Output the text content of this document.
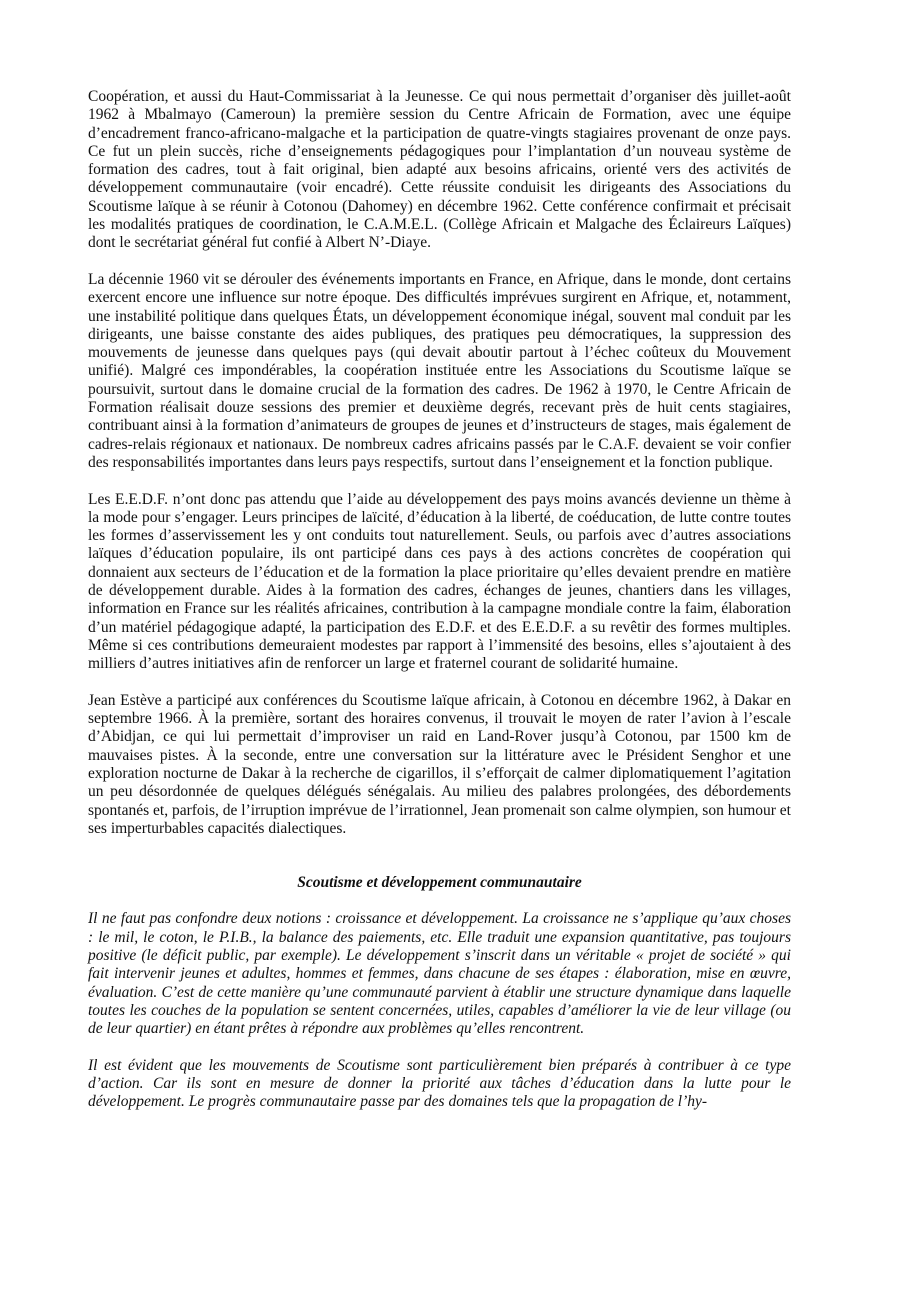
Coopération, et aussi du Haut-Commissariat à la Jeunesse. Ce qui nous permettait d’organiser dès juillet-août 1962 à Mbalmayo (Cameroun) la première session du Centre Africain de Formation, avec une équipe d’encadrement franco-africano-malgache et la participation de quatre-vingts stagiaires provenant de onze pays. Ce fut un plein succès, riche d’enseignements pédagogiques pour l’implantation d’un nouveau système de formation des cadres, tout à fait original, bien adapté aux besoins africains, orienté vers des activités de développement communautaire (voir encadré). Cette réussite conduisit les dirigeants des Associations du Scoutisme laïque à se réunir à Cotonou (Dahomey) en décembre 1962. Cette conférence confirmait et précisait les modalités pratiques de coordination, le C.A.M.E.L. (Collège Africain et Malgache des Éclaireurs Laïques) dont le secrétariat général fut confié à Albert N’-Diaye.

La décennie 1960 vit se dérouler des événements importants en France, en Afrique, dans le monde, dont certains exercent encore une influence sur notre époque. Des difficultés imprévues surgirent en Afrique, et, notamment, une instabilité politique dans quelques États, un développement économique inégal, souvent mal conduit par les dirigeants, une baisse constante des aides publiques, des pratiques peu démocratiques, la suppression des mouvements de jeunesse dans quelques pays (qui devait aboutir partout à l’échec coûteux du Mouvement unifié). Malgré ces impondérables, la coopération instituée entre les Associations du Scoutisme laïque se poursuivit, surtout dans le domaine crucial de la formation des cadres. De 1962 à 1970, le Centre Africain de Formation réalisait douze sessions des premier et deuxième degrés, recevant près de huit cents stagiaires, contribuant ainsi à la formation d’animateurs de groupes de jeunes et d’instructeurs de stages, mais également de cadres-relais régionaux et nationaux. De nombreux cadres africains passés par le C.A.F. devaient se voir confier des responsabilités importantes dans leurs pays respectifs, surtout dans l’enseignement et la fonction publique.

Les E.E.D.F. n’ont donc pas attendu que l’aide au développement des pays moins avancés devienne un thème à la mode pour s’engager. Leurs principes de laïcité, d’éducation à la liberté, de coéducation, de lutte contre toutes les formes d’asservissement les y ont conduits tout naturellement. Seuls, ou parfois avec d’autres associations laïques d’éducation populaire, ils ont participé dans ces pays à des actions concrètes de coopération qui donnaient aux secteurs de l’éducation et de la formation la place prioritaire qu’elles devaient prendre en matière de développement durable. Aides à la formation des cadres, échanges de jeunes, chantiers dans les villages, information en France sur les réalités africaines, contribution à la campagne mondiale contre la faim, élaboration d’un matériel pédagogique adapté, la participation des E.D.F. et des E.E.D.F. a su revêtir des formes multiples. Même si ces contributions demeuraient modestes par rapport à l’immensité des besoins, elles s’ajoutaient à des milliers d’autres initiatives afin de renforcer un large et fraternel courant de solidarité humaine.

Jean Estève a participé aux conférences du Scoutisme laïque africain, à Cotonou en décembre 1962, à Dakar en septembre 1966. À la première, sortant des horaires convenus, il trouvait le moyen de rater l’avion à l’escale d’Abidjan, ce qui lui permettait d’improviser un raid en Land-Rover jusqu’à Cotonou, par 1500 km de mauvaises pistes. À la seconde, entre une conversation sur la littérature avec le Président Senghor et une exploration nocturne de Dakar à la recherche de cigarillos, il s’efforçait de calmer diplomatiquement l’agitation un peu désordonnée de quelques délégués sénégalais. Au milieu des palabres prolongées, des débordements spontanés et, parfois, de l’irruption imprévue de l’irrationnel, Jean promenait son calme olympien, son humour et ses imperturbables capacités dialectiques.

Scoutisme et développement communautaire

Il ne faut pas confondre deux notions : croissance et développement. La croissance ne s’applique qu’aux choses : le mil, le coton, le P.I.B., la balance des paiements, etc. Elle traduit une expansion quantitative, pas toujours positive (le déficit public, par exemple). Le développement s’inscrit dans un véritable « projet de société » qui fait intervenir jeunes et adultes, hommes et femmes, dans chacune de ses étapes : élaboration, mise en œuvre, évaluation. C’est de cette manière qu’une communauté parvient à établir une structure dynamique dans laquelle toutes les couches de la population se sentent concernées, utiles, capables d’améliorer la vie de leur village (ou de leur quartier) en étant prêtes à répondre aux problèmes qu’elles rencontrent.

Il est évident que les mouvements de Scoutisme sont particulièrement bien préparés à contribuer à ce type d’action. Car ils sont en mesure de donner la priorité aux tâches d’éducation dans la lutte pour le développement. Le progrès communautaire passe par des domaines tels que la propagation de l’hy-
